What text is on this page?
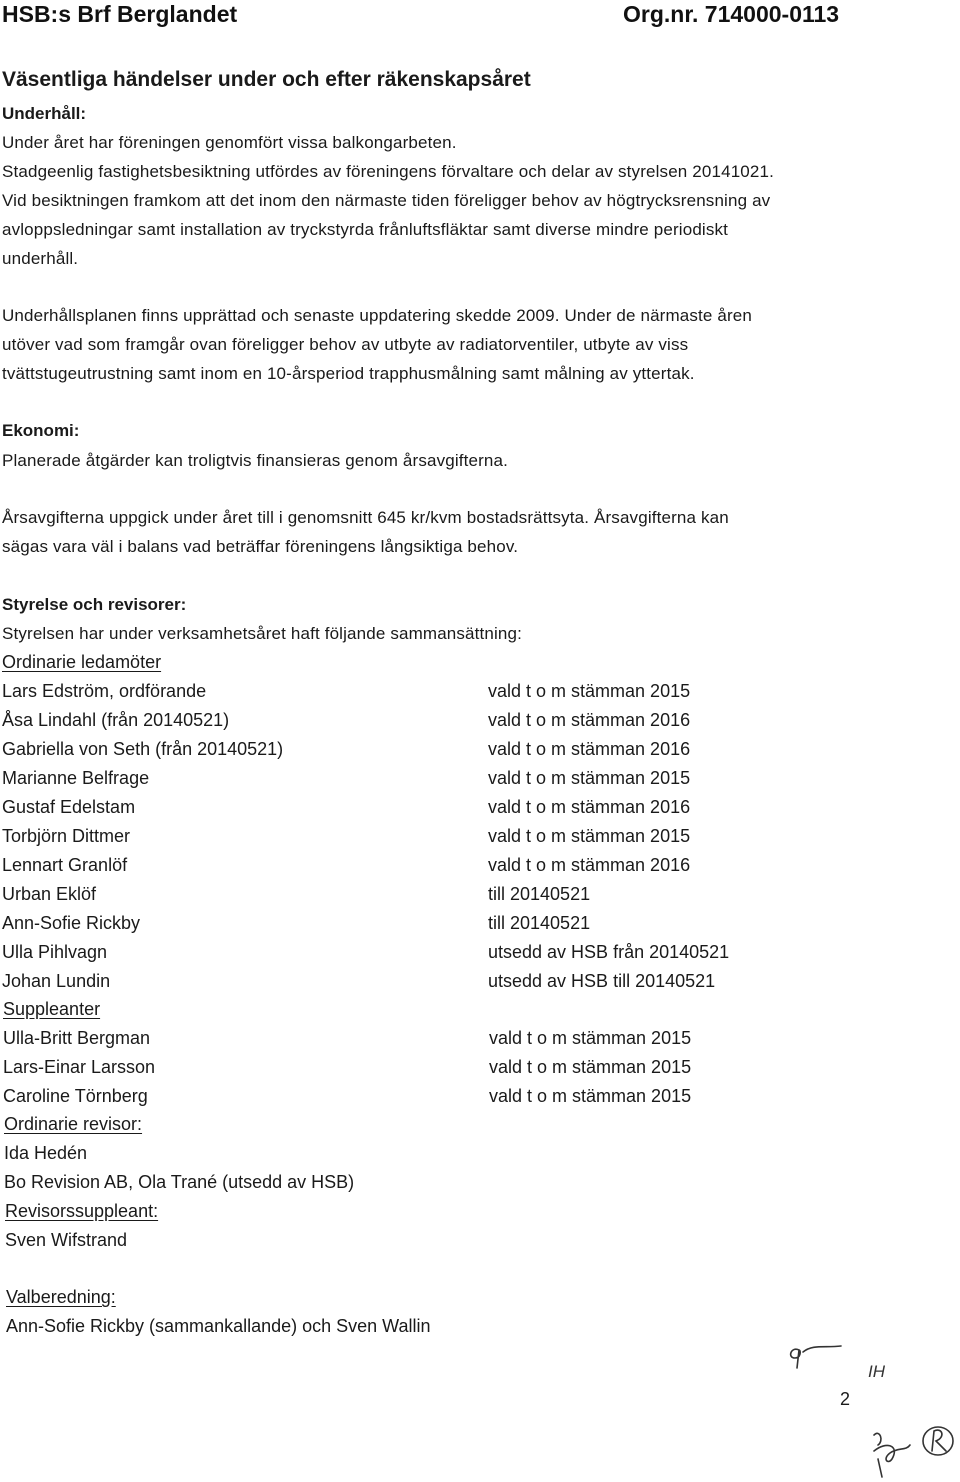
HSB:s Brf Berglandet	Org.nr. 714000-0113
Väsentliga händelser under och efter räkenskapsåret
Underhåll:
Under året har föreningen genomfört vissa balkongarbeten.
Stadgeenlig fastighetsbesiktning utfördes av föreningens förvaltare och delar av styrelsen 20141021.
Vid besiktningen framkom att det inom den närmaste tiden föreligger behov av högtrycksrensning av
avloppsledningar samt installation av tryckstyrda frånluftsfläktar samt diverse mindre periodiskt
underhåll.
Underhållsplanen finns upprättad och senaste uppdatering skedde 2009. Under de närmaste åren
utöver vad som framgår ovan föreligger behov av utbyte av radiatorventiler, utbyte av viss
tvättstugeutrustning samt inom en 10-årsperiod trapphusmålning samt målning av yttertak.
Ekonomi:
Planerade åtgärder kan troligtvis finansieras genom årsavgifterna.
Årsavgifterna uppgick under året till i genomsnitt 645 kr/kvm bostadsrättsyta. Årsavgifterna kan
sägas vara väl i balans vad beträffar föreningens långsiktiga behov.
Styrelse och revisorer:
Styrelsen har under verksamhetsåret haft följande sammansättning:
Ordinarie ledamöter
Lars Edström, ordförande	vald t o m stämman 2015
Åsa Lindahl (från 20140521)	vald t o m stämman 2016
Gabriella von Seth (från 20140521)	vald t o m stämman 2016
Marianne Belfrage	vald t o m stämman 2015
Gustaf Edelstam	vald t o m stämman 2016
Torbjörn Dittmer	vald t o m stämman 2015
Lennart Granlöf	vald t o m stämman 2016
Urban Eklöf	till 20140521
Ann-Sofie Rickby	till 20140521
Ulla Pihlvagn	utsedd av HSB från 20140521
Johan Lundin	utsedd av HSB till 20140521
Suppleanter
Ulla-Britt Bergman	vald t o m stämman 2015
Lars-Einar Larsson	vald t o m stämman 2015
Caroline Törnberg	vald t o m stämman 2015
Ordinarie revisor:
Ida Hedén
Bo Revision AB, Ola Trané (utsedd av HSB)
Revisorssuppleant:
Sven Wifstrand
Valberedning:
Ann-Sofie Rickby (sammankallande) och Sven Wallin
IH
2
